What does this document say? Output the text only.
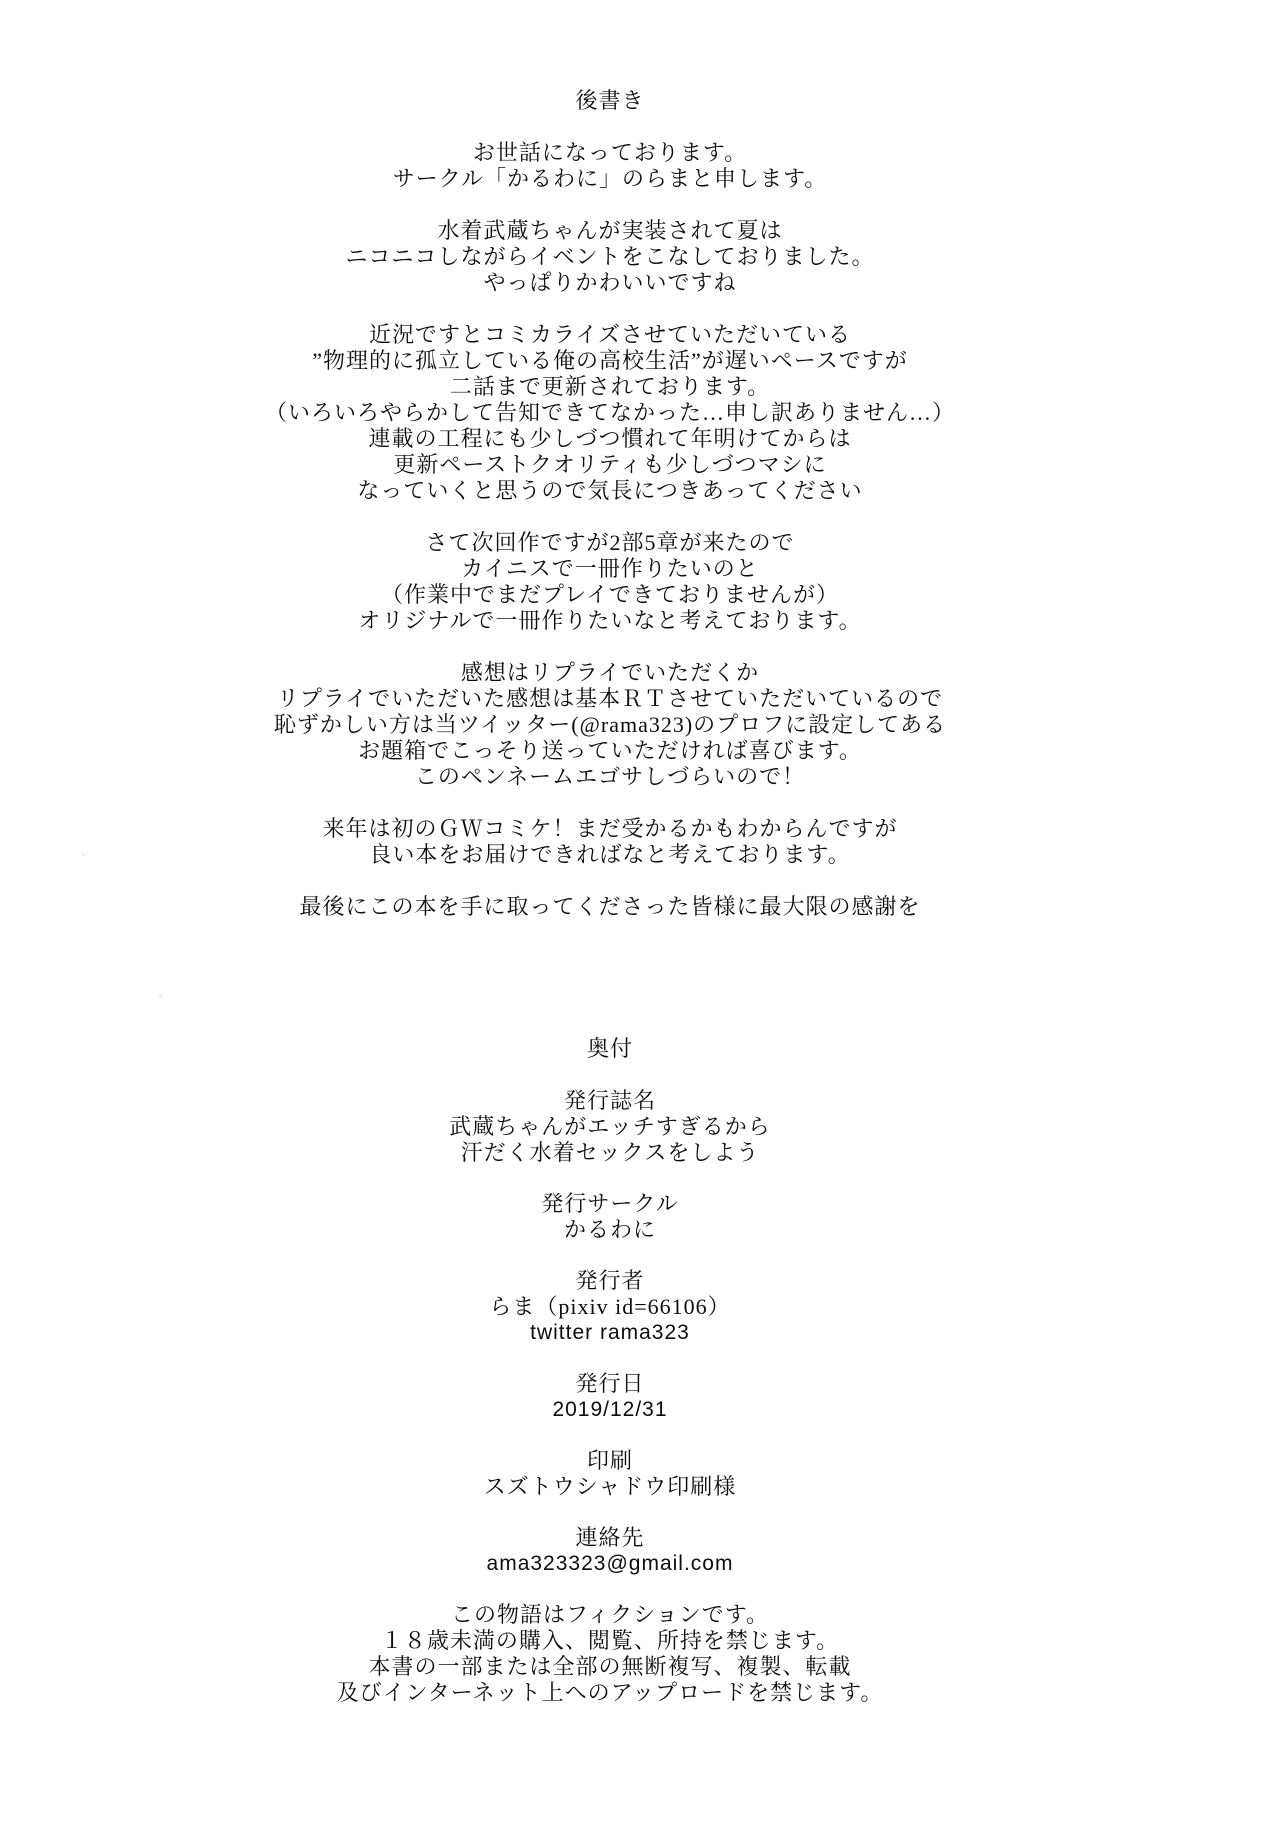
後書き
お世話になっております。
サークル「かるわに」のらまと申します。
水着武蔵ちゃんが実装されて夏は
ニコニコしながらイベントをこなしておりました。
やっぱりかわいいですね
近況ですとコミカライズさせていただいている
”物理的に孤立している俺の高校生活”が遅いペースですが
二話まで更新されております。
（いろいろやらかして告知できてなかった…申し訳ありません…）
連載の工程にも少しづつ慣れて年明けてからは
更新ペーストクオリティも少しづつマシに
なっていくと思うので気長につきあってください
さて次回作ですが2部5章が来たので
カイニスで一冊作りたいのと
（作業中でまだプレイできておりませんが）
オリジナルで一冊作りたいなと考えております。
感想はリプライでいただくか
リプライでいただいた感想は基本ＲＴさせていただいているので
恥ずかしい方は当ツイッター(@rama323)のプロフに設定してある
お題箱でこっそり送っていただければ喜びます。
このペンネームエゴサしづらいので！
来年は初のＧＷコミケ！まだ受かるかもわからんですが
良い本をお届けできればなと考えております。
最後にこの本を手に取ってくださった皆様に最大限の感謝を
奥付
発行誌名
武蔵ちゃんがエッチすぎるから
汗だく水着セックスをしよう
発行サークル
かるわに
発行者
らま（pixiv id=66106）
twitter rama323
発行日
2019/12/31
印刷
スズトウシャドウ印刷様
連絡先
ama323323@gmail.com
この物語はフィクションです。
１８歳未満の購入、閲覧、所持を禁じます。
本書の一部または全部の無断複写、複製、転載
及びインターネット上へのアップロードを禁じます。
